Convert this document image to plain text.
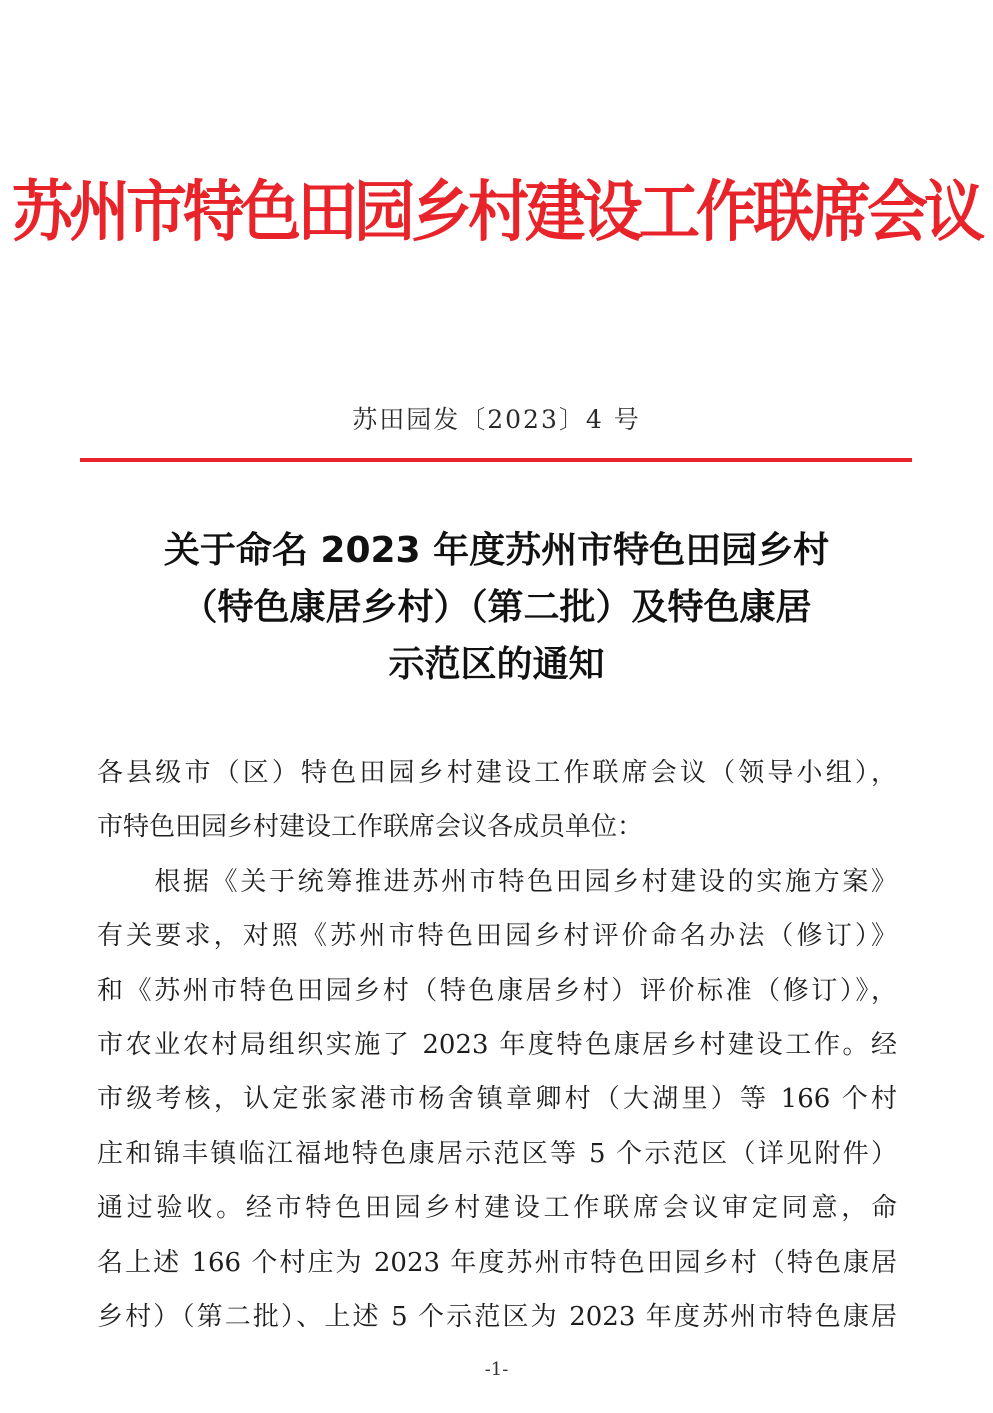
苏州市特色田园乡村建设工作联席会议
苏田园发〔2023〕4 号
关于命名 2023 年度苏州市特色田园乡村
（特色康居乡村）（第二批）及特色康居
示范区的通知
各县级市（区）特色田园乡村建设工作联席会议（领导小组），
市特色田园乡村建设工作联席会议各成员单位：
　　根据《关于统筹推进苏州市特色田园乡村建设的实施方案》
有关要求，对照《苏州市特色田园乡村评价命名办法（修订）》
和《苏州市特色田园乡村（特色康居乡村）评价标准（修订）》，
市农业农村局组织实施了 2023 年度特色康居乡村建设工作。经
市级考核，认定张家港市杨舍镇章卿村（大湖里）等 166 个村
庄和锦丰镇临江福地特色康居示范区等 5 个示范区（详见附件）
通过验收。经市特色田园乡村建设工作联席会议审定同意，命
名上述 166 个村庄为 2023 年度苏州市特色田园乡村（特色康居
乡村）（第二批）、上述 5 个示范区为 2023 年度苏州市特色康居
-1-
